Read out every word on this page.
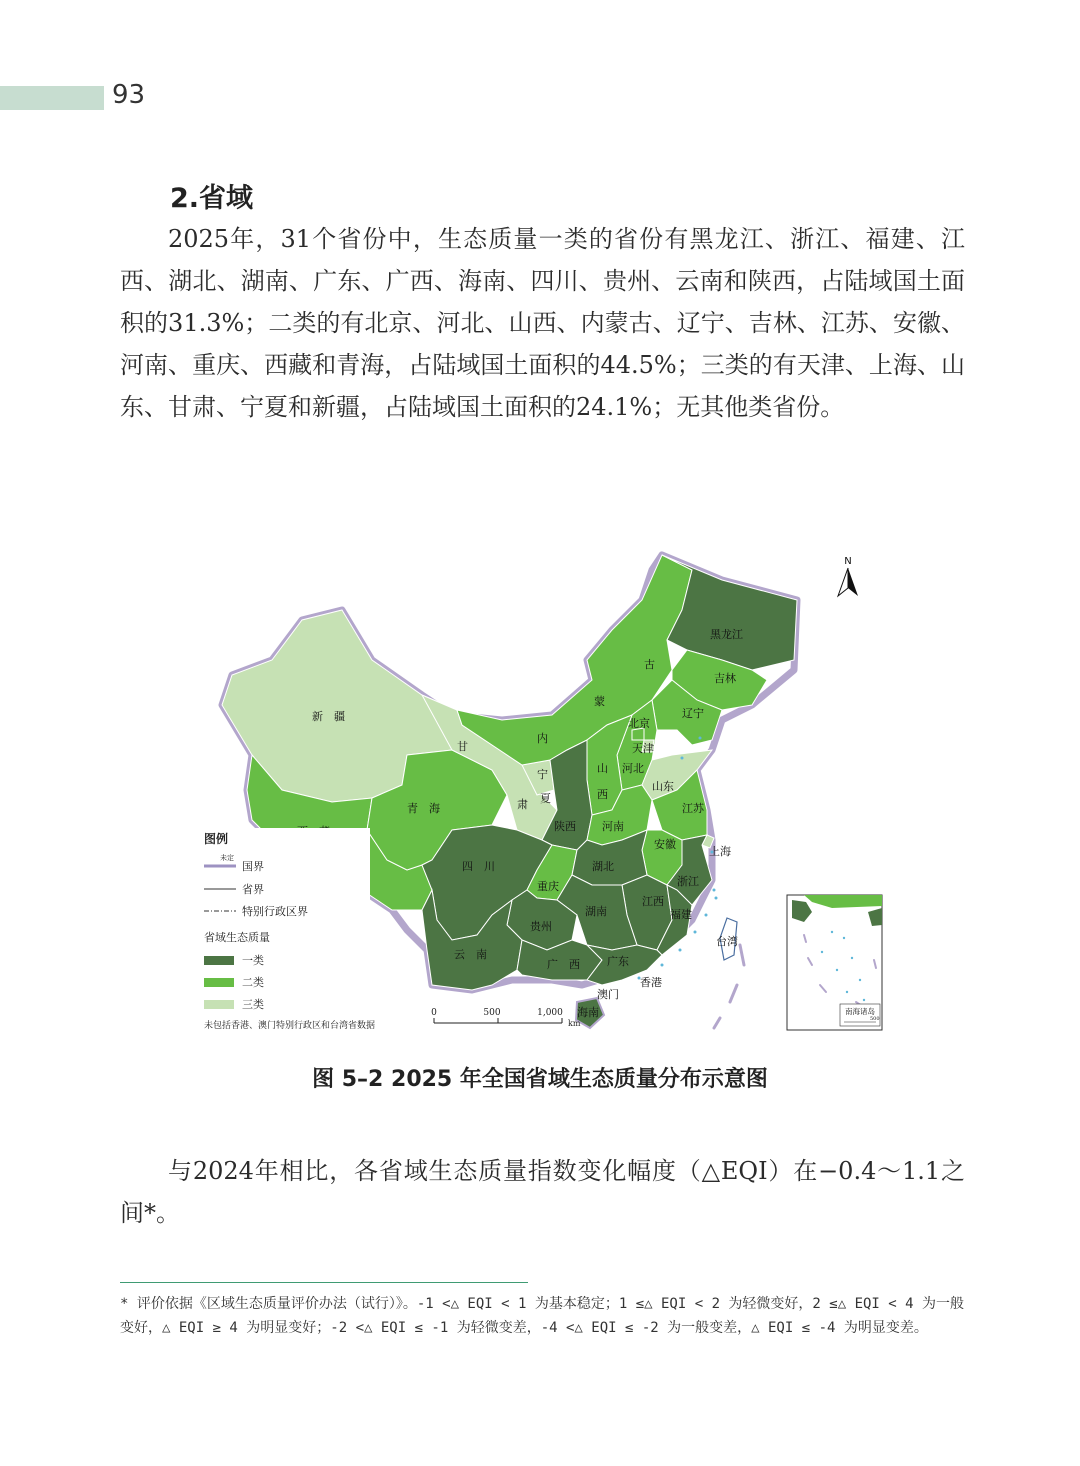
93
2.省域

2025年，31个省份中，生态质量一类的省份有黑龙江、浙江、福建、江西、湖北、湖南、广东、广西、海南、四川、贵州、云南和陕西，占陆域国土面积的31.3%；二类的有北京、河北、山西、内蒙古、辽宁、吉林、江苏、安徽、河南、重庆、西藏和青海，占陆域国土面积的44.5%；三类的有天津、上海、山东、甘肃、宁夏和新疆，占陆域国土面积的24.1%；无其他类省份。

N
新　疆
青　海
甘
肃
宁
夏
内
蒙
古
黑龙江
吉林
辽宁
北京
天津
河北
山
西
山东
陕西 河南
江苏
安徽
上海
四　川
重庆
湖北
浙江
湖南
江西
福建
贵州
云　南
广　西 广东
台湾
香港
澳门
海南
图例
未定
国界
省界
特别行政区界
省域生态质量
一类
二类
三类
未包括香港、澳门特别行政区和台湾省数据
0	500	1,000
km
南海诸岛
500
图 5–2 2025 年全国省域生态质量分布示意图

与2024年相比，各省域生态质量指数变化幅度（△EQI）在−0.4～1.1之间*。

* 评价依据《区域生态质量评价办法（试行）》。-1 <△ EQI < 1 为基本稳定；1 ≤△ EQI < 2 为轻微变好，2 ≤△ EQI < 4 为一般变好，△ EQI ≥ 4 为明显变好；-2 <△ EQI ≤ -1 为轻微变差，-4 <△ EQI ≤ -2 为一般变差，△ EQI ≤ -4 为明显变差。
